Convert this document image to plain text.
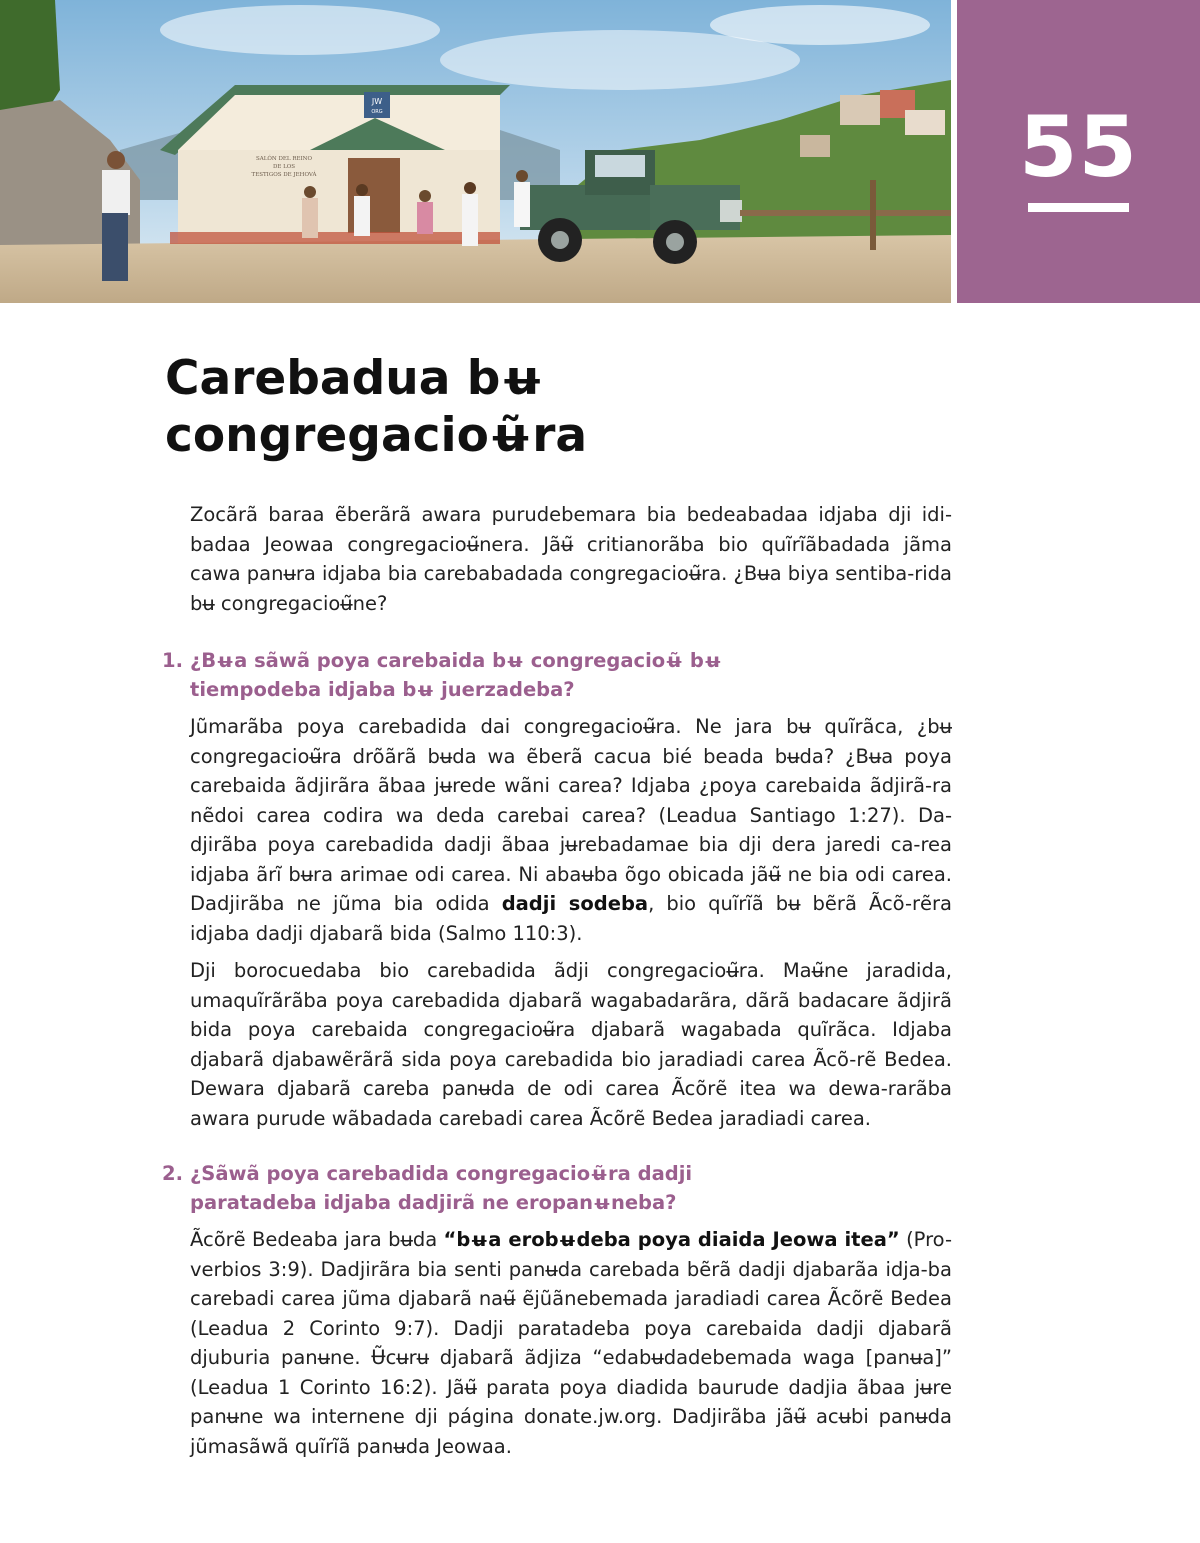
JW
ORG
SALÓN DEL REINO
DE LOS
TESTIGOS DE JEHOVÁ	55
Carebadua bʉ
congregacioʉ̃ra

Zocãrã baraa ẽberãrã awara purudebemara bia bedeabadaa idjaba dji idi-badaa Jeowaa congregacioʉ̃nera. Jãʉ̃ critianorãba bio quĩrĩãbadada jãma cawa panʉra idjaba bia carebabadada congregacioʉ̃ra. ¿Bʉa biya sentiba-rida bʉ congregacioʉ̃ne?

1. ¿Bʉa sãwã poya carebaida bʉ congregacioʉ̃ bʉ
tiempodeba idjaba bʉ juerzadeba?

Jũmarãba poya carebadida dai congregacioʉ̃ra. Ne jara bʉ quĩrãca, ¿bʉ congregacioʉ̃ra drõãrã bʉda wa ẽberã cacua bié beada bʉda? ¿Bʉa poya carebaida ãdjirãra ãbaa jʉrede wãni carea? Idjaba ¿poya carebaida ãdjirã-ra nẽdoi carea codira wa deda carebai carea? (Leadua Santiago 1:27). Da-djirãba poya carebadida dadji ãbaa jʉrebadamae bia dji dera jaredi ca-rea idjaba ãrĩ bʉra arimae odi carea. Ni abaʉba õgo obicada jãʉ̃ ne bia odi carea. Dadjirãba ne jũma bia odida dadji sodeba, bio quĩrĩã bʉ bẽrã Ãcõ-rẽra idjaba dadji djabarã bida (Salmo 110:3).

Dji borocuedaba bio carebadida ãdji congregacioʉ̃ra. Maʉ̃ne jaradida, umaquĩrãrãba poya carebadida djabarã wagabadarãra, dãrã badacare ãdjirã bida poya carebaida congregacioʉ̃ra djabarã wagabada quĩrãca. Idjaba djabarã djabawẽrãrã sida poya carebadida bio jaradiadi carea Ãcõ-rẽ Bedea. Dewara djabarã careba panʉda de odi carea Ãcõrẽ itea wa dewa-rarãba awara purude wãbadada carebadi carea Ãcõrẽ Bedea jaradiadi carea.

2. ¿Sãwã poya carebadida congregacioʉ̃ra dadji
paratadeba idjaba dadjirã ne eropanʉneba?

Ãcõrẽ Bedeaba jara bʉda “bʉa erobʉdeba poya diaida Jeowa itea” (Pro-verbios 3:9). Dadjirãra bia senti panʉda carebada bẽrã dadji djabarãa idja-ba carebadi carea jũma djabarã naʉ̃ ẽjũãnebemada jaradiadi carea Ãcõrẽ Bedea (Leadua 2 Corinto 9:7). Dadji paratadeba poya carebaida dadji djabarã djuburia panʉne. Ʉ̃cʉrʉ djabarã ãdjiza “edabʉdadebemada waga [panʉa]” (Leadua 1 Corinto 16:2). Jãʉ̃ parata poya diadida baurude dadjia ãbaa jʉre panʉne wa internene dji página donate.jw.org. Dadjirãba jãʉ̃ acʉbi panʉda jũmasãwã quĩrĩã panʉda Jeowaa.
